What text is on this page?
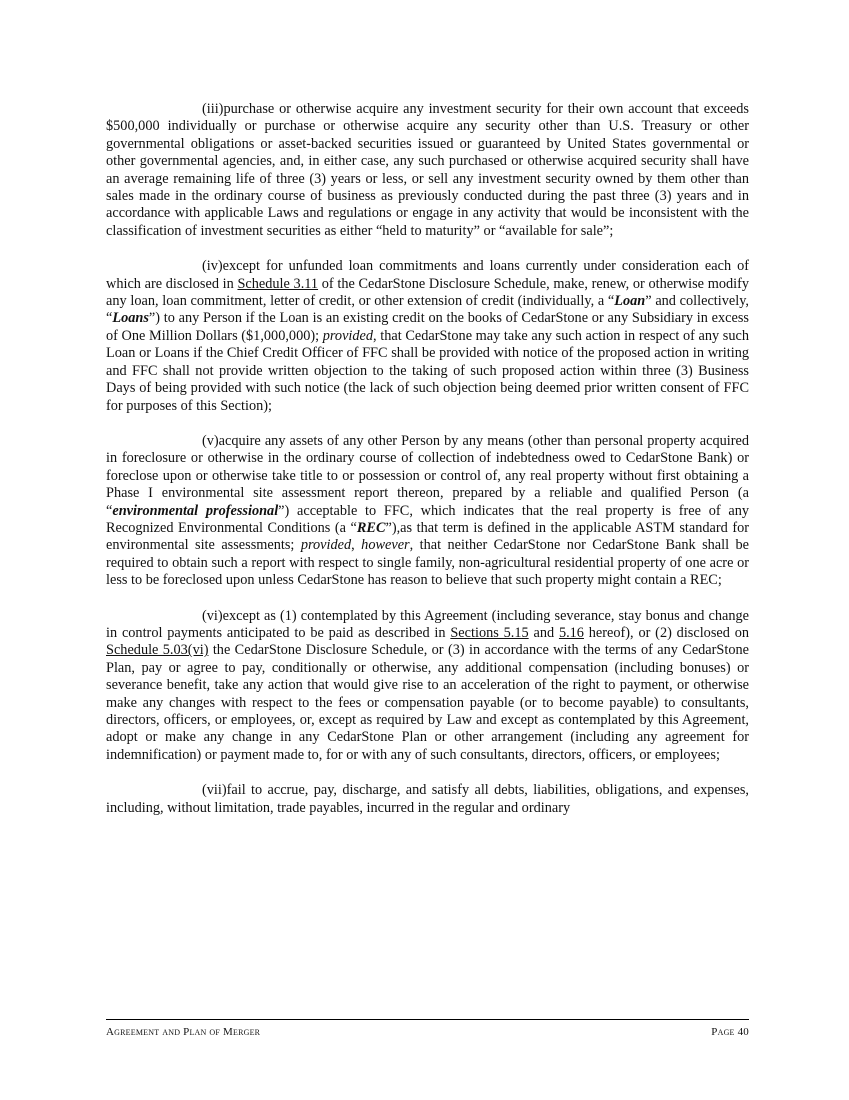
(iii)purchase or otherwise acquire any investment security for their own account that exceeds $500,000 individually or purchase or otherwise acquire any security other than U.S. Treasury or other governmental obligations or asset-backed securities issued or guaranteed by United States governmental or other governmental agencies, and, in either case, any such purchased or otherwise acquired security shall have an average remaining life of three (3) years or less, or sell any investment security owned by them other than sales made in the ordinary course of business as previously conducted during the past three (3) years and in accordance with applicable Laws and regulations or engage in any activity that would be inconsistent with the classification of investment securities as either “held to maturity” or “available for sale”;

(iv)except for unfunded loan commitments and loans currently under consideration each of which are disclosed in Schedule 3.11 of the CedarStone Disclosure Schedule, make, renew, or otherwise modify any loan, loan commitment, letter of credit, or other extension of credit (individually, a “Loan” and collectively, “Loans”) to any Person if the Loan is an existing credit on the books of CedarStone or any Subsidiary in excess of One Million Dollars ($1,000,000); provided, that CedarStone may take any such action in respect of any such Loan or Loans if the Chief Credit Officer of FFC shall be provided with notice of the proposed action in writing and FFC shall not provide written objection to the taking of such proposed action within three (3) Business Days of being provided with such notice (the lack of such objection being deemed prior written consent of FFC for purposes of this Section);

(v)acquire any assets of any other Person by any means (other than personal property acquired in foreclosure or otherwise in the ordinary course of collection of indebtedness owed to CedarStone Bank) or foreclose upon or otherwise take title to or possession or control of, any real property without first obtaining a Phase I environmental site assessment report thereon, prepared by a reliable and qualified Person (a “environmental professional”) acceptable to FFC, which indicates that the real property is free of any Recognized Environmental Conditions (a “REC”),as that term is defined in the applicable ASTM standard for environmental site assessments; provided, however, that neither CedarStone nor CedarStone Bank shall be required to obtain such a report with respect to single family, non-agricultural residential property of one acre or less to be foreclosed upon unless CedarStone has reason to believe that such property might contain a REC;

(vi)except as (1) contemplated by this Agreement (including severance, stay bonus and change in control payments anticipated to be paid as described in Sections 5.15 and 5.16 hereof), or (2) disclosed on Schedule 5.03(vi) the CedarStone Disclosure Schedule, or (3) in accordance with the terms of any CedarStone Plan, pay or agree to pay, conditionally or otherwise, any additional compensation (including bonuses) or severance benefit, take any action that would give rise to an acceleration of the right to payment, or otherwise make any changes with respect to the fees or compensation payable (or to become payable) to consultants, directors, officers, or employees, or, except as required by Law and except as contemplated by this Agreement, adopt or make any change in any CedarStone Plan or other arrangement (including any agreement for indemnification) or payment made to, for or with any of such consultants, directors, officers, or employees;

(vii)fail to accrue, pay, discharge, and satisfy all debts, liabilities, obligations, and expenses, including, without limitation, trade payables, incurred in the regular and ordinary

Agreement and Plan of Merger	Page 40
